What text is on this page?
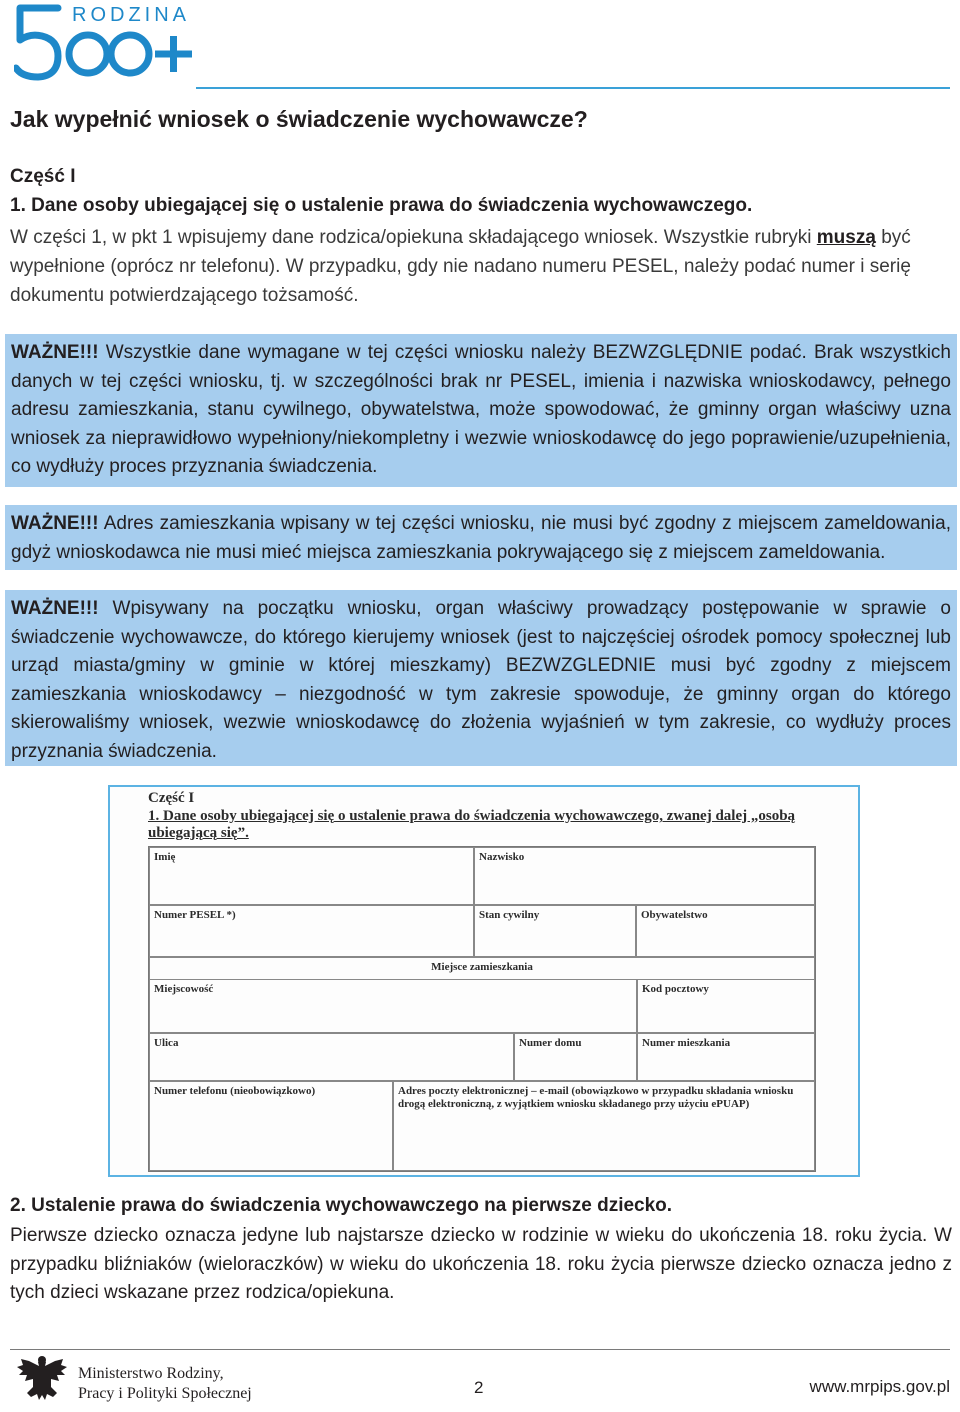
RODZINA
Jak wypełnić wniosek o świadczenie wychowawcze?
Część I
1. Dane osoby ubiegającej się o ustalenie prawa do świadczenia wychowawczego.

W części 1, w pkt 1 wpisujemy dane rodzica/opiekuna składającego wniosek. Wszystkie rubryki muszą być wypełnione (oprócz nr telefonu). W przypadku, gdy nie nadano numeru PESEL, należy podać numer i serię dokumentu potwierdzającego tożsamość.

WAŻNE!!! Wszystkie dane wymagane w tej części wniosku należy BEZWZGLĘDNIE podać. Brak wszystkich danych w tej części wniosku, tj. w szczególności brak nr PESEL, imienia i nazwiska wnioskodawcy, pełnego adresu zamieszkania, stanu cywilnego, obywatelstwa, może spowodować, że gminny organ właściwy uzna wniosek za nieprawidłowo wypełniony/niekompletny i wezwie wnioskodawcę do jego poprawienie/uzupełnienia, co wydłuży proces przyznania świadczenia.
WAŻNE!!! Adres zamieszkania wpisany w tej części wniosku, nie musi być zgodny z miejscem zameldowania, gdyż wnioskodawca nie musi mieć miejsca zamieszkania pokrywającego się z miejscem zameldowania.
WAŻNE!!! Wpisywany na początku wniosku, organ właściwy prowadzący postępowanie w sprawie o świadczenie wychowawcze, do którego kierujemy wniosek (jest to najczęściej ośrodek pomocy społecznej lub urząd miasta/gminy w gminie w której mieszkamy) BEZWZGLEDNIE musi być zgodny z miejscem zamieszkania wnioskodawcy – niezgodność w tym zakresie spowoduje, że gminny organ do którego skierowaliśmy wniosek, wezwie wnioskodawcę do złożenia wyjaśnień w tym zakresie, co wydłuży proces przyznania świadczenia.
Część I
1. Dane osoby ubiegającej się o ustalenie prawa do świadczenia wychowawczego, zwanej dalej „osobą ubiegającą się”.
Imię	Nazwisko
Numer PESEL *)	Stan cywilny	Obywatelstwo
Miejsce zamieszkania
Miejscowość	Kod pocztowy
Ulica	Numer domu	Numer mieszkania
Numer telefonu (nieobowiązkowo)	Adres poczty elektronicznej – e-mail (obowiązkowo w przypadku składania wniosku drogą elektroniczną, z wyjątkiem wniosku składanego przy użyciu ePUAP)
2. Ustalenie prawa do świadczenia wychowawczego na pierwsze dziecko.

Pierwsze dziecko oznacza jedyne lub najstarsze dziecko w rodzinie w wieku do ukończenia 18. roku życia. W przypadku bliźniaków (wieloraczków) w wieku do ukończenia 18. roku życia pierwsze dziecko oznacza jedno z tych dzieci wskazane przez rodzica/opiekuna.

Ministerstwo Rodziny,
Pracy i Polityki Społecznej	2	www.mrpips.gov.pl
